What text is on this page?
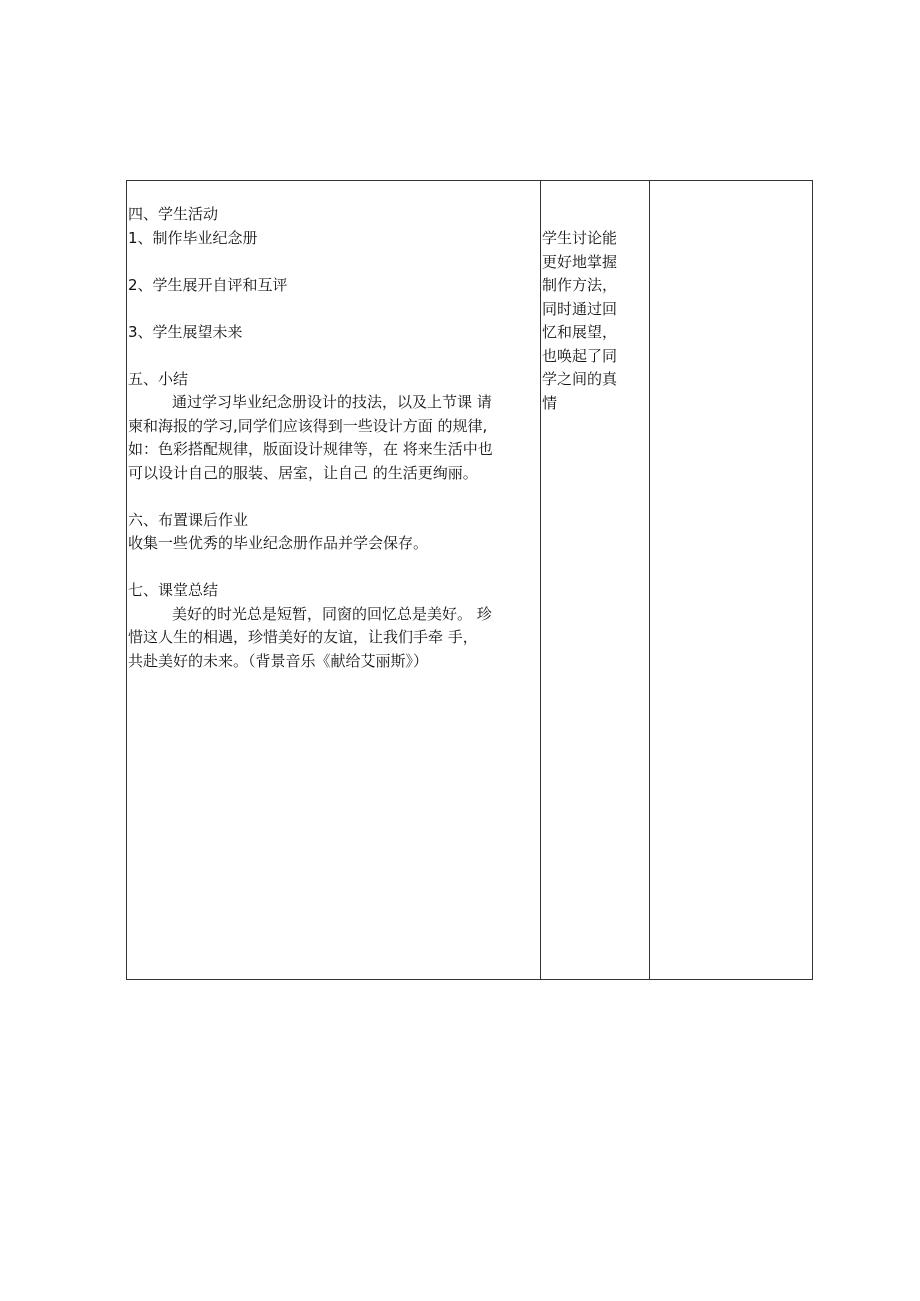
四、学生活动
1、制作毕业纪念册
2、学生展开自评和互评
3、学生展望未来
五、小结
通过学习毕业纪念册设计的技法，以及上节课 请
柬和海报的学习,同学们应该得到一些设计方面 的规律,
如：色彩搭配规律，版面设计规律等，在 将来生活中也
可以设计自己的服装、居室，让自己 的生活更绚丽。
六、布置课后作业
收集一些优秀的毕业纪念册作品并学会保存。
七、课堂总结
美好的时光总是短暂，同窗的回忆总是美好。 珍
惜这人生的相遇，珍惜美好的友谊，让我们手牵 手，
共赴美好的未来。（背景音乐《献给艾丽斯》）
学生讨论能
更好地掌握
制作方法，
同时通过回
忆和展望，
也唤起了同
学之间的真
情
